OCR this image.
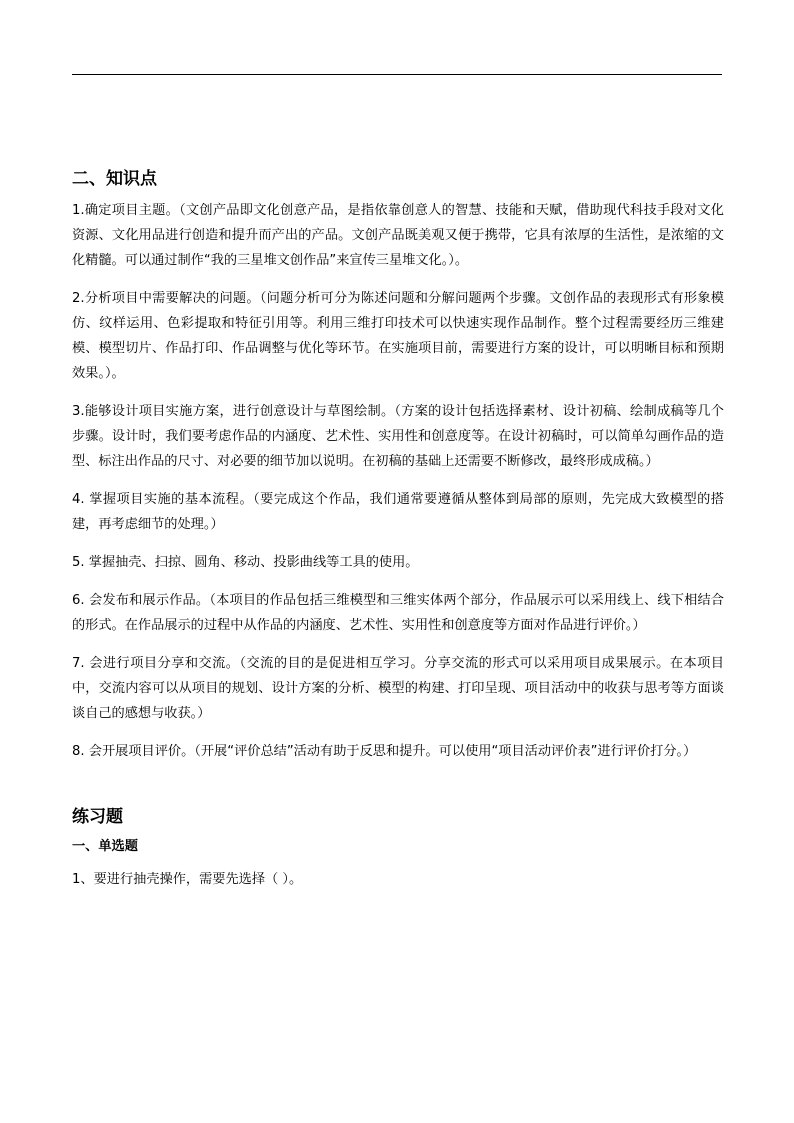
二、知识点

1.确定项目主题。（文创产品即文化创意产品，是指依靠创意人的智慧、技能和天赋，借助现代科技手段对文化资源、文化用品进行创造和提升而产出的产品。文创产品既美观又便于携带，它具有浓厚的生活性，是浓缩的文化精髓。可以通过制作“我的三星堆文创作品”来宣传三星堆文化。）。

2.分析项目中需要解决的问题。（问题分析可分为陈述问题和分解问题两个步骤。文创作品的表现形式有形象模仿、纹样运用、色彩提取和特征引用等。利用三维打印技术可以快速实现作品制作。整个过程需要经历三维建模、模型切片、作品打印、作品调整与优化等环节。在实施项目前，需要进行方案的设计，可以明晰目标和预期效果。）。

3.能够设计项目实施方案，进行创意设计与草图绘制。（方案的设计包括选择素材、设计初稿、绘制成稿等几个步骤。设计时，我们要考虑作品的内涵度、艺术性、实用性和创意度等。在设计初稿时，可以简单勾画作品的造型、标注出作品的尺寸、对必要的细节加以说明。在初稿的基础上还需要不断修改，最终形成成稿。）

4. 掌握项目实施的基本流程。（要完成这个作品，我们通常要遵循从整体到局部的原则，先完成大致模型的搭建，再考虑细节的处理。）

5. 掌握抽壳、扫掠、圆角、移动、投影曲线等工具的使用。

6. 会发布和展示作品。（本项目的作品包括三维模型和三维实体两个部分，作品展示可以采用线上、线下相结合的形式。在作品展示的过程中从作品的内涵度、艺术性、实用性和创意度等方面对作品进行评价。）

7. 会进行项目分享和交流。（交流的目的是促进相互学习。分享交流的形式可以采用项目成果展示。在本项目中，交流内容可以从项目的规划、设计方案的分析、模型的构建、打印呈现、项目活动中的收获与思考等方面谈谈自己的感想与收获。）

8. 会开展项目评价。（开展“评价总结”活动有助于反思和提升。可以使用“项目活动评价表”进行评价打分。）

练习题
一、单选题

1、要进行抽壳操作，需要先选择（ ）。
